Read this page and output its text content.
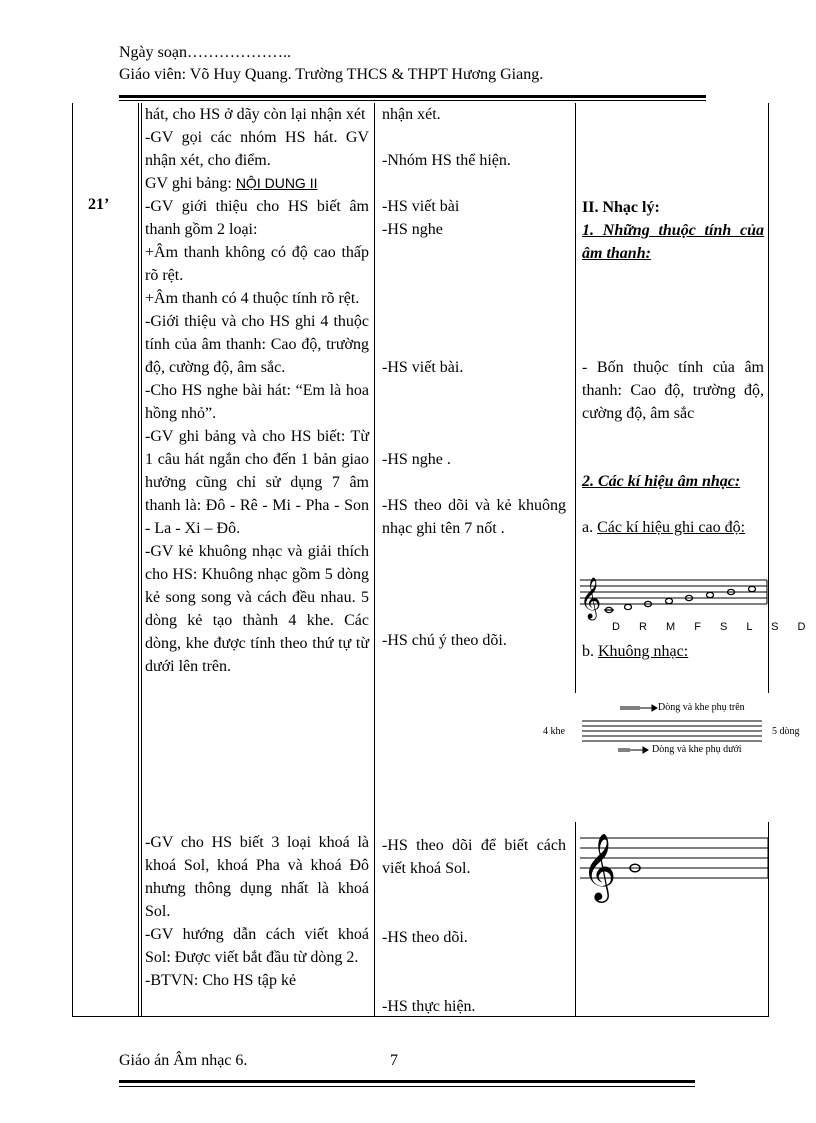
Ngày soạn………………..
Giáo viên: Võ Huy Quang. Trường THCS & THPT Hương Giang.
21’

hát, cho HS ở dãy còn lại nhận xét

-GV gọi các nhóm HS hát. GV nhận xét, cho điểm.

GV ghi bảng: NỘI DUNG II

-GV giới thiệu cho HS biết âm thanh gồm 2 loại:

+Âm thanh không có độ cao thấp rõ rệt.

+Âm thanh có 4 thuộc tính rõ rệt.

-Giới thiệu và cho HS ghi 4 thuộc tính của âm thanh: Cao độ, trường độ, cường độ, âm sắc.

-Cho HS nghe bài hát: “Em là hoa hồng nhỏ”.

-GV ghi bảng và cho HS biết: Từ 1 câu hát ngắn cho đến 1 bản giao hưởng cũng chỉ sử dụng 7 âm thanh là: Đô - Rê - Mi - Pha - Son - La - Xi – Đô.

-GV kẻ khuông nhạc và giải thích cho HS: Khuông nhạc gồm 5 dòng kẻ song song và cách đều nhau. 5 dòng kẻ tạo thành 4 khe. Các dòng, khe được tính theo thứ tự từ dưới lên trên.

-GV cho HS biết 3 loại khoá là khoá Sol, khoá Pha và khoá Đô nhưng thông dụng nhất là khoá Sol.

-GV hướng dẫn cách viết khoá Sol: Được viết bắt đầu từ dòng 2.

-BTVN: Cho HS tập kẻ

nhận xét.
-Nhóm HS thể hiện.
-HS viết bài
-HS nghe
-HS viết bài.
-HS nghe .
-HS theo dõi và kẻ khuông nhạc ghi tên 7 nốt .
-HS chú ý theo dõi.
-HS theo dõi để biết cách viết khoá Sol.
-HS theo dõi.
-HS thực hiện.
II. Nhạc lý:
1. Những thuộc tính của âm thanh:
- Bốn thuộc tính của âm thanh: Cao độ, trường độ, cường độ, âm sắc
2. Các kí hiệu âm nhạc:
a. Các kí hiệu ghi cao độ:
𝄞
D R M F S L S D
b. Khuông nhạc:
Dòng và khe phụ trên
Dòng và khe phụ dưới
4 khe	5 dòng
𝄞
Giáo án Âm nhạc 6.	7
